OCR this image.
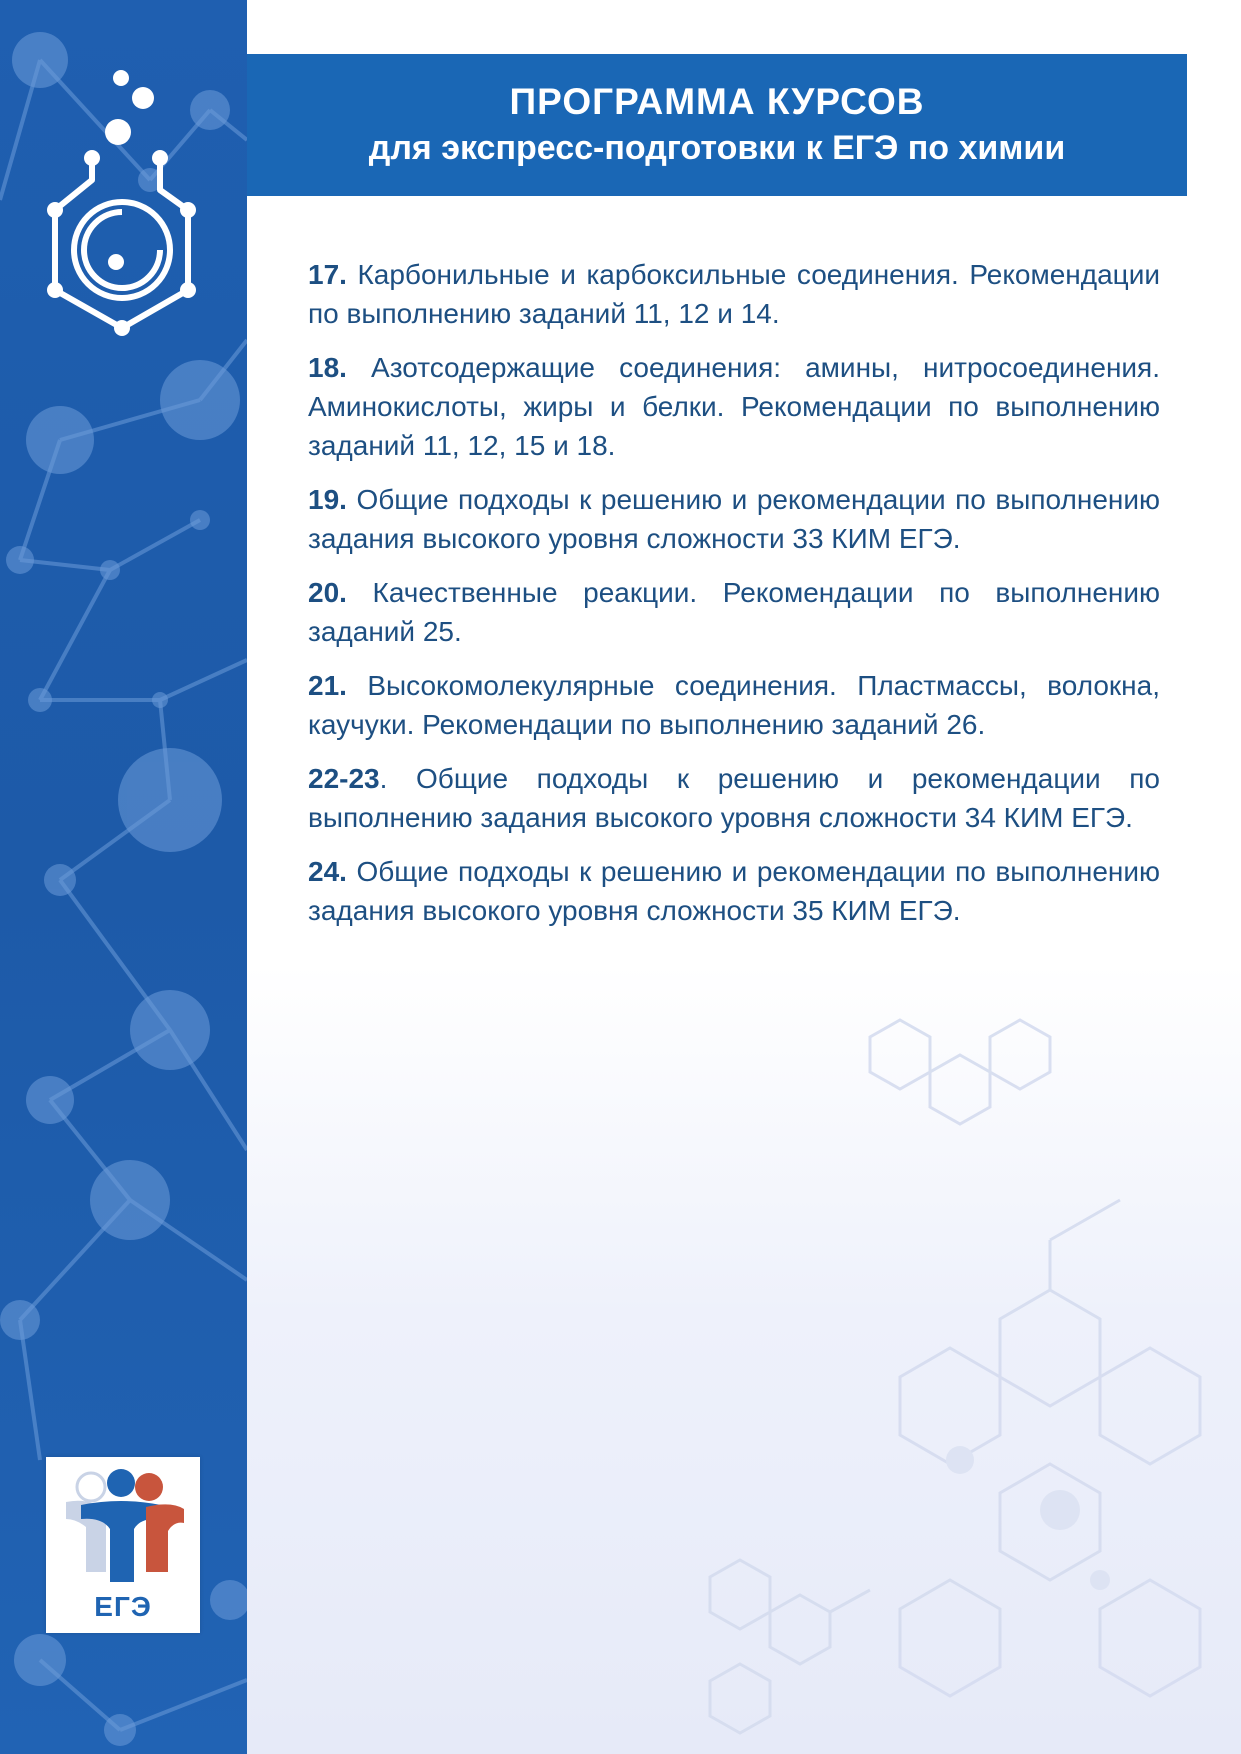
ПРОГРАММА КУРСОВ
для экспресс-подготовки к ЕГЭ по химии

17. Карбонильные и карбоксильные соединения. Рекомендации по выполнению заданий 11, 12 и 14.

18. Азотсодержащие соединения: амины, нитросоединения. Аминокислоты, жиры и белки. Рекомендации по выполнению заданий 11, 12, 15 и 18.

19. Общие подходы к решению и рекомендации по выполнению задания высокого уровня сложности 33 КИМ ЕГЭ.

20. Качественные реакции. Рекомендации по выполнению заданий 25.

21. Высокомолекулярные соединения. Пластмассы, волокна, каучуки. Рекомендации по выполнению заданий 26.

22-23. Общие подходы к решению и рекомендации по выполнению задания высокого уровня сложности 34 КИМ ЕГЭ.

24. Общие подходы к решению и рекомендации по выполнению задания высокого уровня сложности 35 КИМ ЕГЭ.

ЕГЭ
